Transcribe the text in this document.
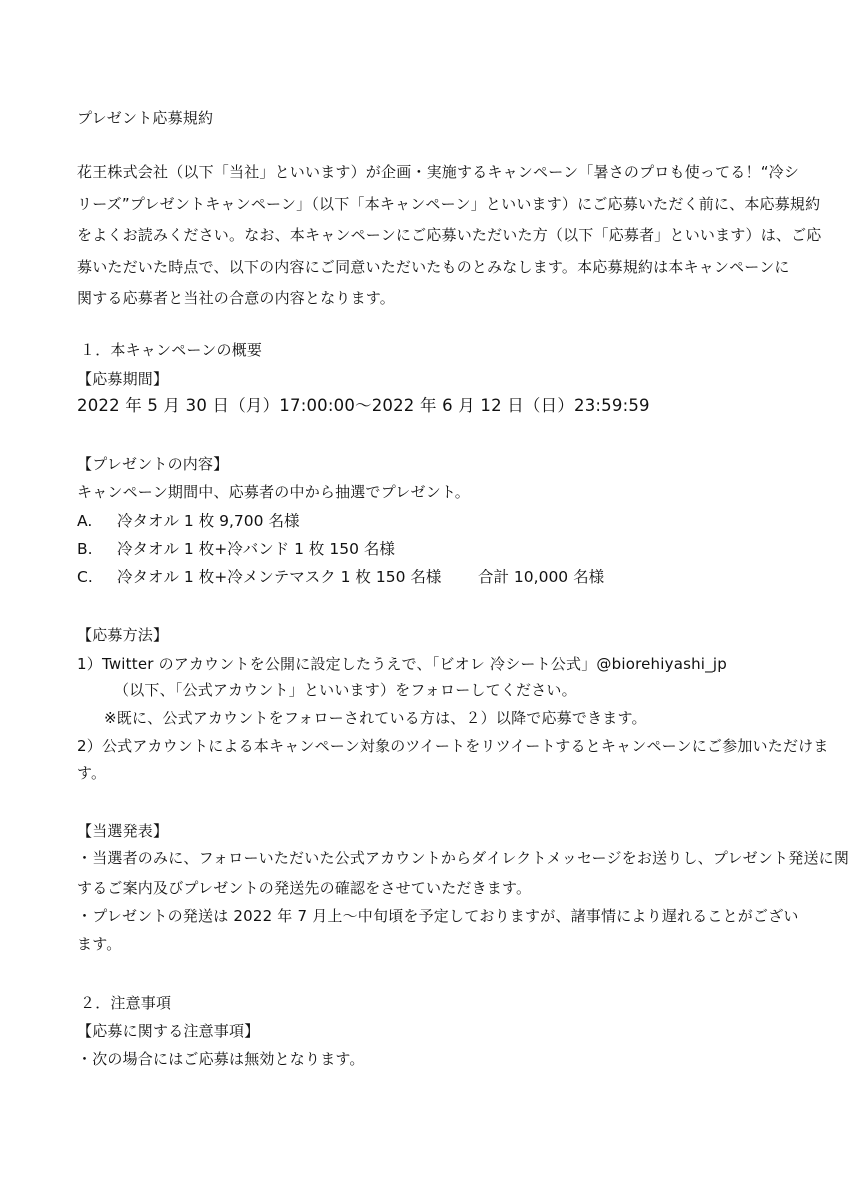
プレゼント応募規約
花王株式会社（以下「当社」といいます）が企画・実施するキャンペーン「暑さのプロも使ってる！“冷シ
リーズ”プレゼントキャンペーン」（以下「本キャンペーン」といいます）にご応募いただく前に、本応募規約
をよくお読みください。なお、本キャンペーンにご応募いただいた方（以下「応募者」といいます）は、ご応
募いただいた時点で、以下の内容にご同意いただいたものとみなします。本応募規約は本キャンペーンに
関する応募者と当社の合意の内容となります。
１．本キャンペーンの概要
【応募期間】
2022 年 5 月 30 日（月）17:00:00～2022 年 6 月 12 日（日）23:59:59
【プレゼントの内容】
キャンペーン期間中、応募者の中から抽選でプレゼント。
A. 冷タオル 1 枚 9,700 名様
B. 冷タオル 1 枚+冷バンド 1 枚 150 名様
C. 冷タオル 1 枚+冷メンテマスク 1 枚 150 名様 合計 10,000 名様
【応募方法】
1）Twitter のアカウントを公開に設定したうえで、「ビオレ 冷シート公式」@biorehiyashi_jp
（以下、「公式アカウント」といいます）をフォローしてください。
※既に、公式アカウントをフォローされている方は、２）以降で応募できます。
2）公式アカウントによる本キャンペーン対象のツイートをリツイートするとキャンペーンにご参加いただけま
す。
【当選発表】
・当選者のみに、フォローいただいた公式アカウントからダイレクトメッセージをお送りし、プレゼント発送に関
するご案内及びプレゼントの発送先の確認をさせていただきます。
・プレゼントの発送は 2022 年 7 月上～中旬頃を予定しておりますが、諸事情により遅れることがござい
ます。
２．注意事項
【応募に関する注意事項】
・次の場合にはご応募は無効となります。
